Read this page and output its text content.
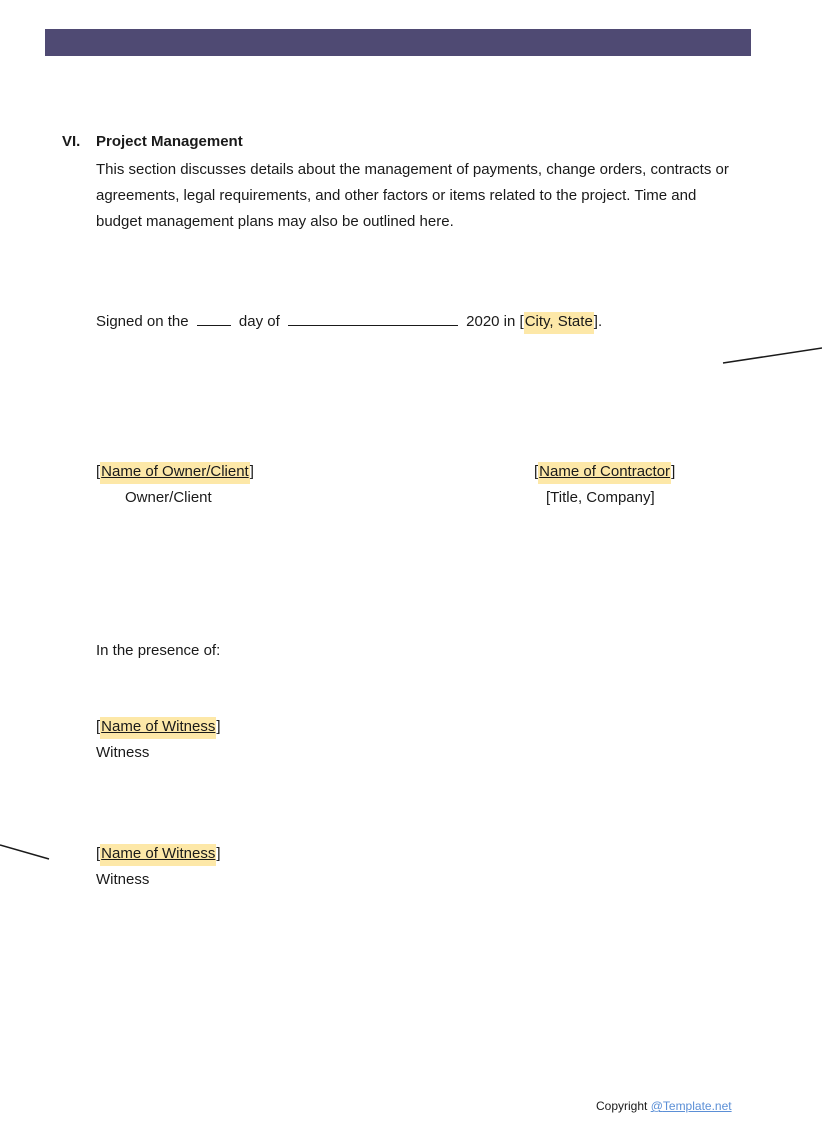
VI. Project Management

This section discusses details about the management of payments, change orders, contracts or agreements, legal requirements, and other factors or items related to the project. Time and budget management plans may also be outlined here.

Signed on the	day of	2020 in [City, State].
[Name of Owner/Client]
Owner/Client
[Name of Contractor]
[Title, Company]
In the presence of:
[Name of Witness]
Witness
[Name of Witness]
Witness
Copyright @Template.net
